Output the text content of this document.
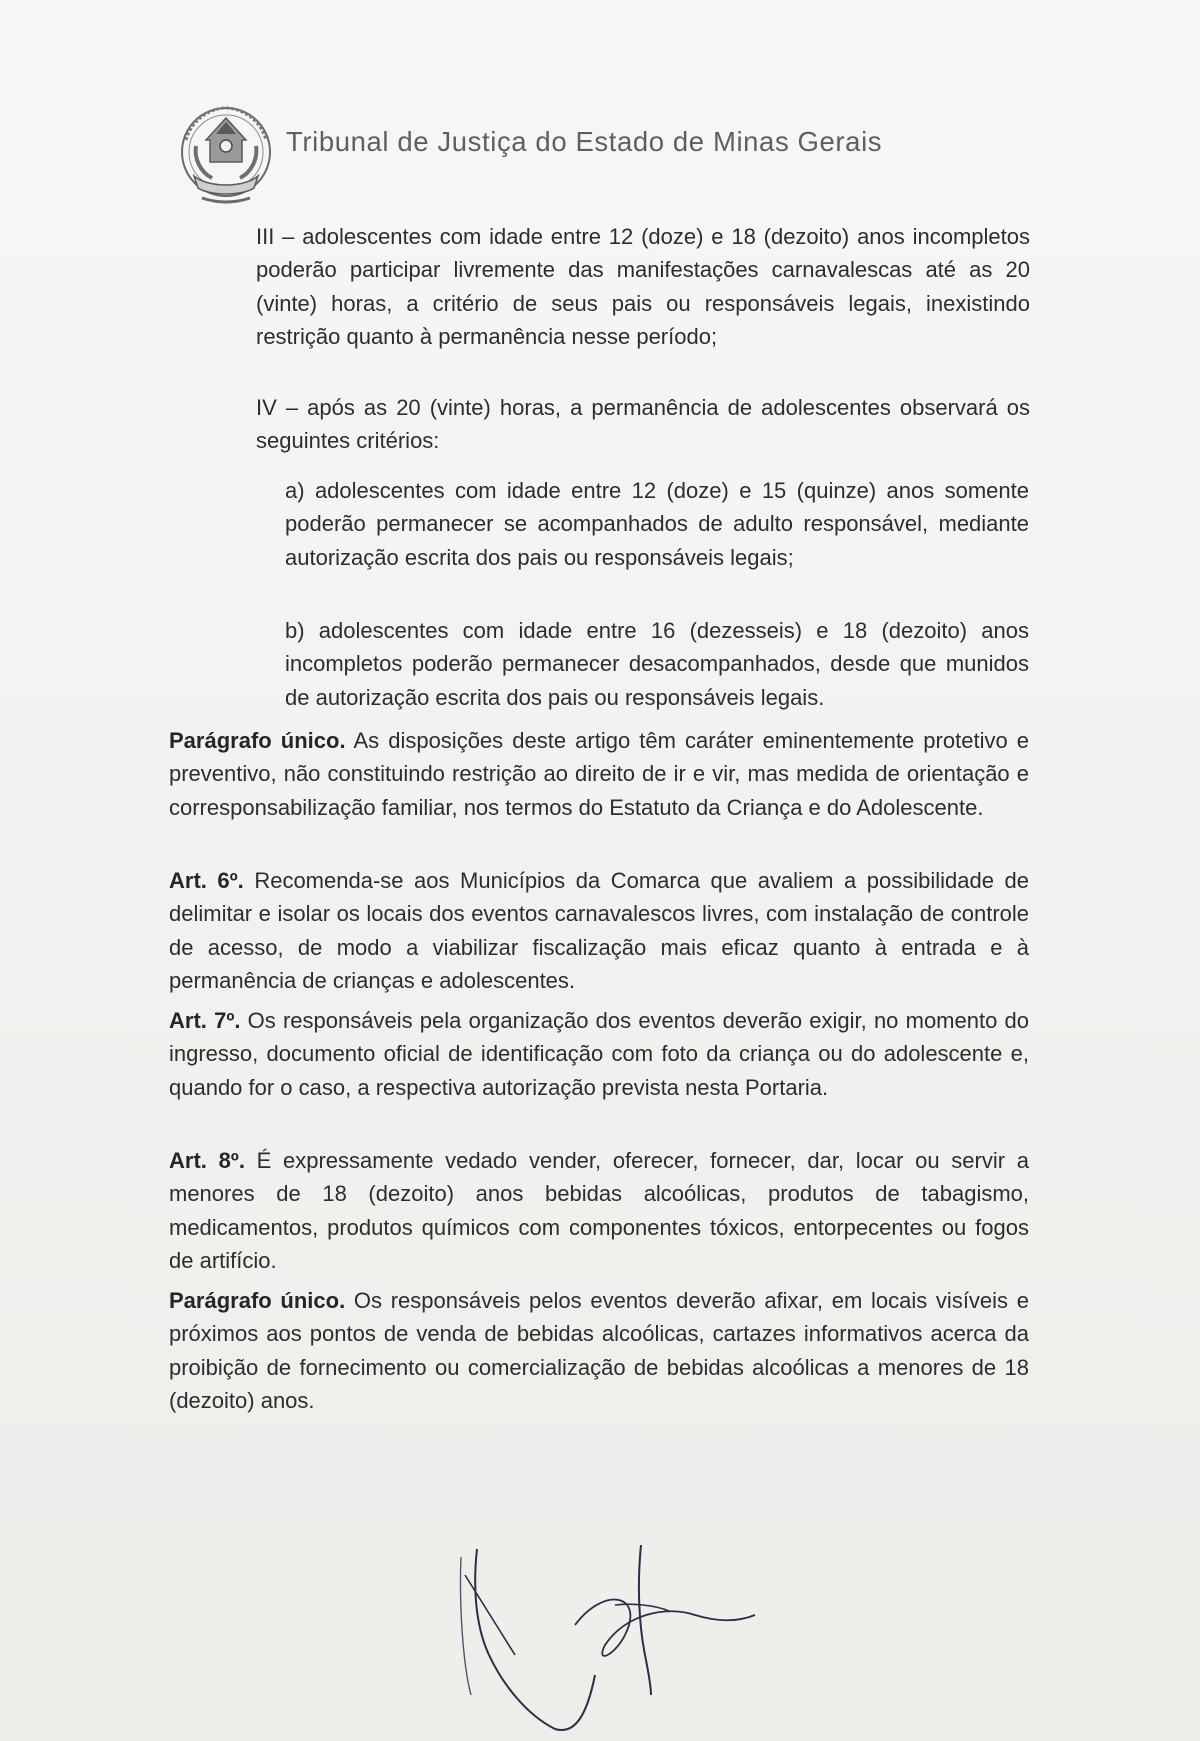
Tribunal de Justiça do Estado de Minas Gerais

III – adolescentes com idade entre 12 (doze) e 18 (dezoito) anos incompletos poderão participar livremente das manifestações carnavalescas até as 20 (vinte) horas, a critério de seus pais ou responsáveis legais, inexistindo restrição quanto à permanência nesse período;

IV – após as 20 (vinte) horas, a permanência de adolescentes observará os seguintes critérios:

a) adolescentes com idade entre 12 (doze) e 15 (quinze) anos somente poderão permanecer se acompanhados de adulto responsável, mediante autorização escrita dos pais ou responsáveis legais;

b) adolescentes com idade entre 16 (dezesseis) e 18 (dezoito) anos incompletos poderão permanecer desacompanhados, desde que munidos de autorização escrita dos pais ou responsáveis legais.

Parágrafo único. As disposições deste artigo têm caráter eminentemente protetivo e preventivo, não constituindo restrição ao direito de ir e vir, mas medida de orientação e corresponsabilização familiar, nos termos do Estatuto da Criança e do Adolescente.

Art. 6º. Recomenda-se aos Municípios da Comarca que avaliem a possibilidade de delimitar e isolar os locais dos eventos carnavalescos livres, com instalação de controle de acesso, de modo a viabilizar fiscalização mais eficaz quanto à entrada e à permanência de crianças e adolescentes.

Art. 7º. Os responsáveis pela organização dos eventos deverão exigir, no momento do ingresso, documento oficial de identificação com foto da criança ou do adolescente e, quando for o caso, a respectiva autorização prevista nesta Portaria.

Art. 8º. É expressamente vedado vender, oferecer, fornecer, dar, locar ou servir a menores de 18 (dezoito) anos bebidas alcoólicas, produtos de tabagismo, medicamentos, produtos químicos com componentes tóxicos, entorpecentes ou fogos de artifício.

Parágrafo único. Os responsáveis pelos eventos deverão afixar, em locais visíveis e próximos aos pontos de venda de bebidas alcoólicas, cartazes informativos acerca da proibição de fornecimento ou comercialização de bebidas alcoólicas a menores de 18 (dezoito) anos.
